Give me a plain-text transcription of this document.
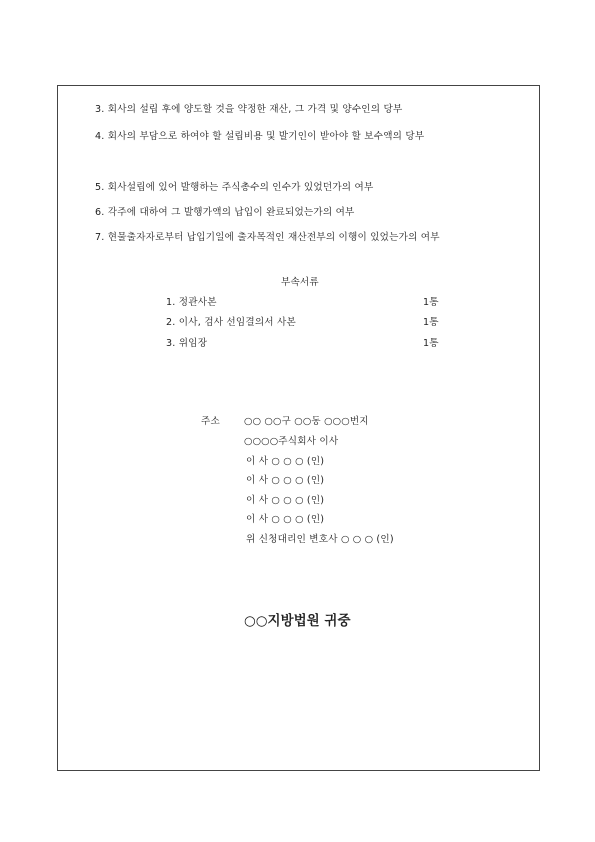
3. 회사의 설립 후에 양도할 것을 약정한 재산, 그 가격 및 양수인의 당부
4. 회사의 부담으로 하여야 할 설립비용 및 발기인이 받아야 할 보수액의 당부
5. 회사설립에 있어 발행하는 주식총수의 인수가 있었던가의 여부
6. 각주에 대하여 그 발행가액의 납입이 완료되었는가의 여부
7. 현물출자자로부터 납입기일에 출자목적인 재산전부의 이행이 있었는가의 여부
부속서류
1. 정관사본	1통
2. 이사, 검사 선임결의서 사본	1통
3. 위임장	1통
주소	○○ ○○구 ○○동 ○○○번지
○○○○주식회사 이사
이 사 ○ ○ ○ (인)
이 사 ○ ○ ○ (인)
이 사 ○ ○ ○ (인)
이 사 ○ ○ ○ (인)
위 신청대리인 변호사 ○ ○ ○ (인)
○○지방법원 귀중
